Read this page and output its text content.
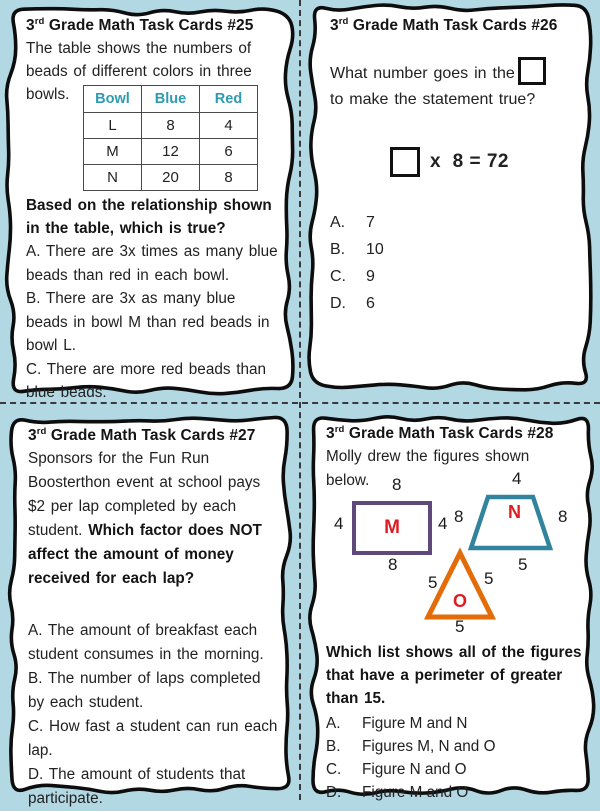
3rd Grade Math Task Cards #25

The table shows the numbers of beads of different colors in three

bowls.	Bowl	Blue	Red
L	8	4
M	12	6
N	20	8

Based on the relationship shown in the table, which is true?

A. There are 3x times as many blue beads than red in each bowl.

B. There are 3x as many blue beads in bowl M than red beads in bowl L.

C. There are more red beads than blue beads.

3rd Grade Math Task Cards #26

What number goes in the
to make the statement true?

x  8 = 72
A. 7
B. 10
C. 9
D. 6

3rd Grade Math Task Cards #27

Sponsors for the Fun Run Boosterthon event at school pays $2 per lap completed by each student. Which factor does NOT affect the amount of money received for each lap?

A. The amount of breakfast each student consumes in the morning.

B. The number of laps completed by each student.

C. How fast a student can run each lap.

D. The amount of students that participate.

3rd Grade Math Task Cards #28

Molly drew the figures shown

below. 8
M
4	4
8
4
N
8	8
5
5	5
O
5

Which list shows all of the figures that have a perimeter of greater than 15.

A. Figure M and N
B. Figures M, N and O
C. Figure N and O
D. Figure M and O
